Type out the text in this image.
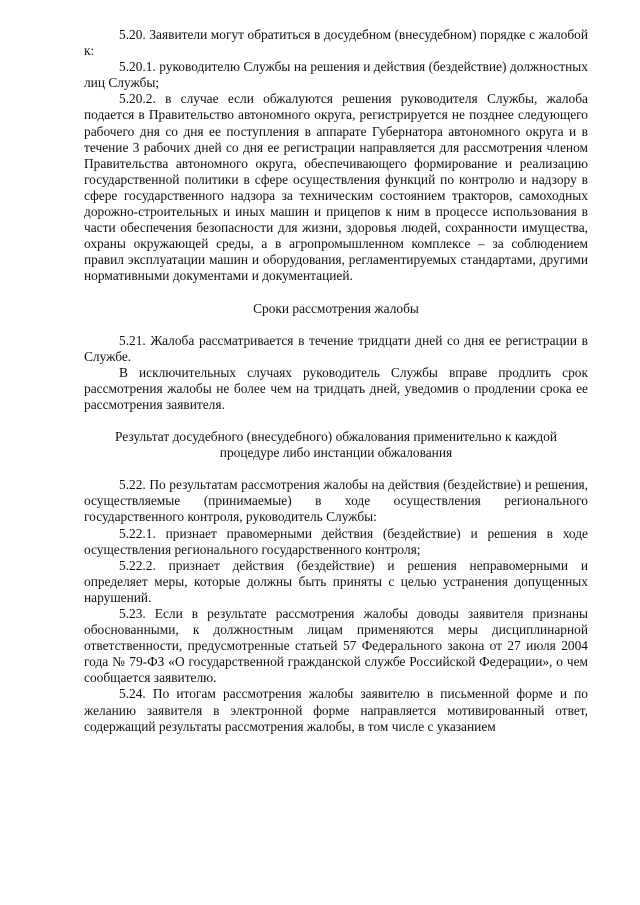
5.20. Заявители могут обратиться в досудебном (внесудебном) порядке с жалобой к:

5.20.1. руководителю Службы на решения и действия (бездействие) должностных лиц Службы;

5.20.2. в случае если обжалуются решения руководителя Службы, жалоба подается в Правительство автономного округа, регистрируется не позднее следующего рабочего дня со дня ее поступления в аппарате Губернатора автономного округа и в течение 3 рабочих дней со дня ее регистрации направляется для рассмотрения членом Правительства автономного округа, обеспечивающего формирование и реализацию государственной политики в сфере осуществления функций по контролю и надзору в сфере государственного надзора за техническим состоянием тракторов, самоходных дорожно-строительных и иных машин и прицепов к ним в процессе использования в части обеспечения безопасности для жизни, здоровья людей, сохранности имущества, охраны окружающей среды, а в агропромышленном комплексе – за соблюдением правил эксплуатации машин и оборудования, регламентируемых стандартами, другими нормативными документами и документацией.

Сроки рассмотрения жалобы

5.21. Жалоба рассматривается в течение тридцати дней со дня ее регистрации в Службе.

В исключительных случаях руководитель Службы вправе продлить срок рассмотрения жалобы не более чем на тридцать дней, уведомив о продлении срока ее рассмотрения заявителя.

Результат досудебного (внесудебного) обжалования применительно к каждой процедуре либо инстанции обжалования

5.22. По результатам рассмотрения жалобы на действия (бездействие) и решения, осуществляемые (принимаемые) в ходе осуществления регионального государственного контроля, руководитель Службы:

5.22.1. признает правомерными действия (бездействие) и решения в ходе осуществления регионального государственного контроля;

5.22.2. признает действия (бездействие) и решения неправомерными и определяет меры, которые должны быть приняты с целью устранения допущенных нарушений.

5.23. Если в результате рассмотрения жалобы доводы заявителя признаны обоснованными, к должностным лицам применяются меры дисциплинарной ответственности, предусмотренные статьей 57 Федерального закона от 27 июля 2004 года № 79-ФЗ «О государственной гражданской службе Российской Федерации», о чем сообщается заявителю.

5.24. По итогам рассмотрения жалобы заявителю в письменной форме и по желанию заявителя в электронной форме направляется мотивированный ответ, содержащий результаты рассмотрения жалобы, в том числе с указанием
